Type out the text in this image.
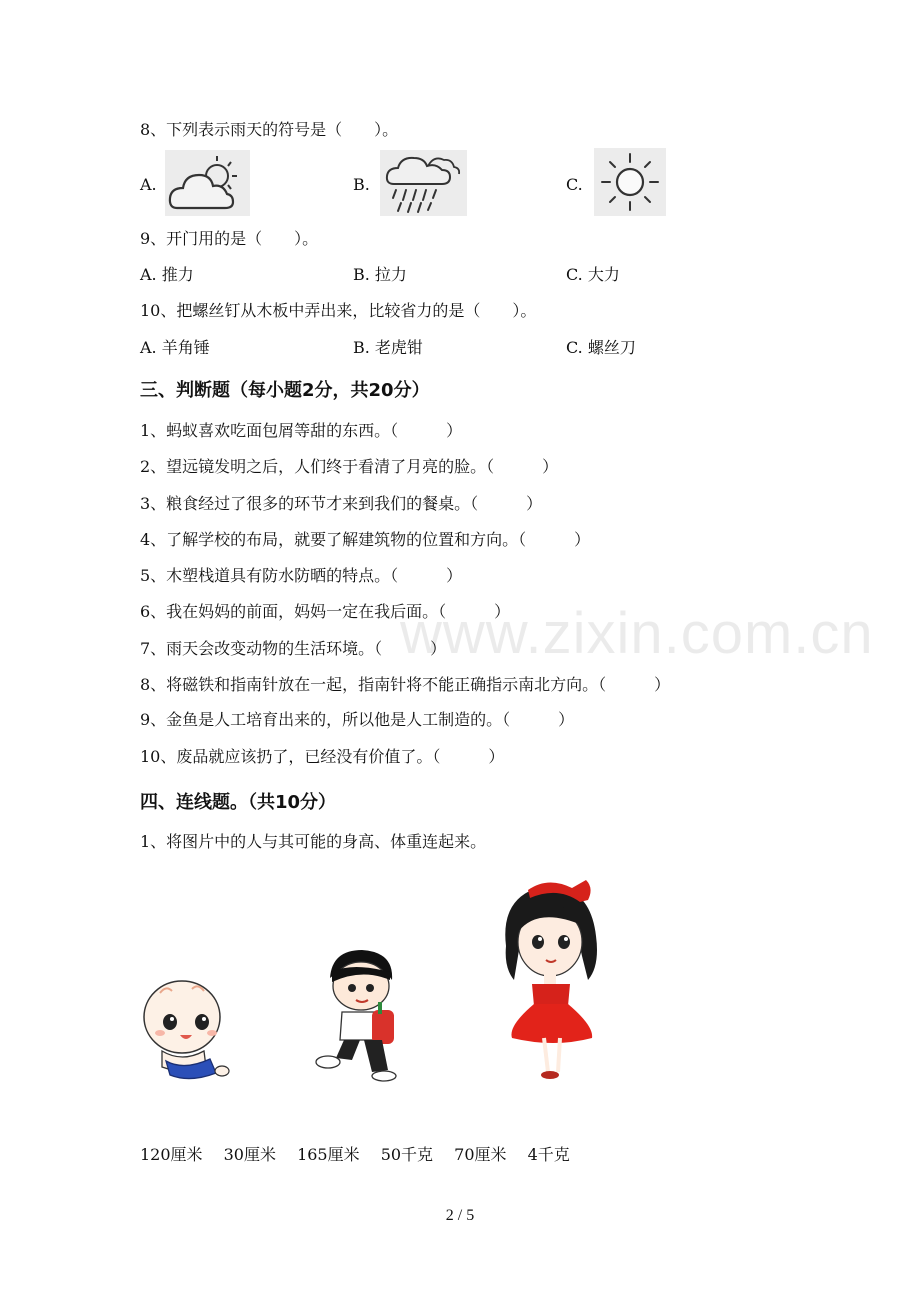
8、下列表示雨天的符号是（　　）。
A.	B.	C.
9、开门用的是（　　）。
A. 推力	B. 拉力	C. 大力
10、把螺丝钉从木板中弄出来，比较省力的是（　　）。
A. 羊角锤	B. 老虎钳	C. 螺丝刀
三、判断题（每小题2分，共20分）
1、蚂蚁喜欢吃面包屑等甜的东西。（　　　）
2、望远镜发明之后，人们终于看清了月亮的脸。（　　　）
3、粮食经过了很多的环节才来到我们的餐桌。（　　　）
4、了解学校的布局，就要了解建筑物的位置和方向。（　　　）
5、木塑栈道具有防水防晒的特点。（　　　）
6、我在妈妈的前面，妈妈一定在我后面。（　　　）
7、雨天会改变动物的生活环境。（　　　）
8、将磁铁和指南针放在一起，指南针将不能正确指示南北方向。（　　　）
9、金鱼是人工培育出来的，所以他是人工制造的。（　　　）
10、废品就应该扔了，已经没有价值了。（　　　）
www.zixin.com.cn
四、连线题。（共10分）
1、将图片中的人与其可能的身高、体重连起来。
120厘米　 30厘米　 165厘米　 50千克　 70厘米　 4千克
2 / 5
